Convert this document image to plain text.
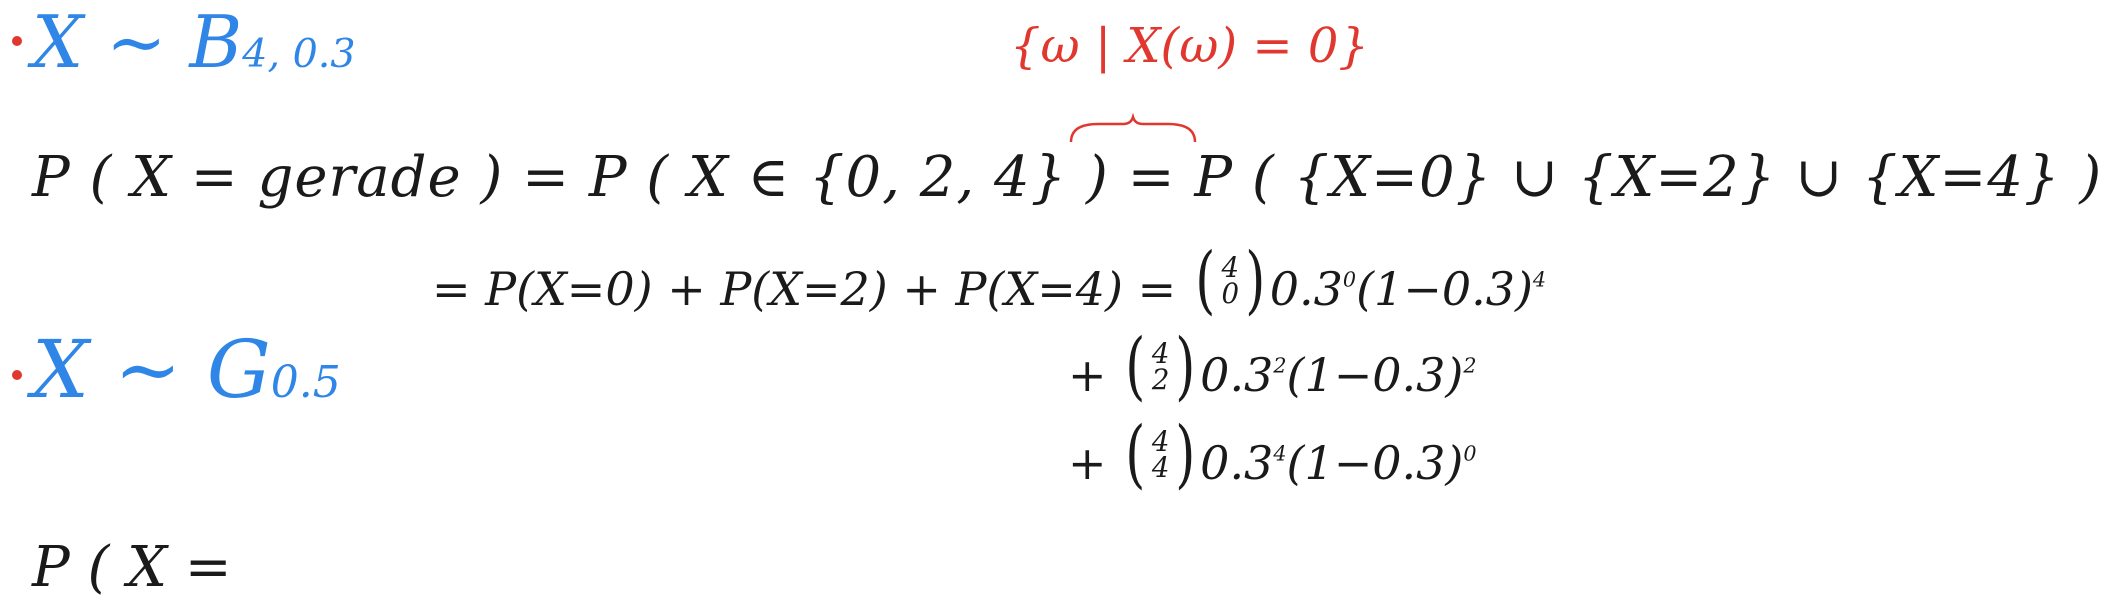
X ∼ B4, 0.3	{ω | X(ω) = 0}
P ( X = gerade ) = P ( X ∈ {0, 2, 4} ) = P ( {X=0} ∪ {X=2} ∪ {X=4} )
= P(X=0) + P(X=2) + P(X=4) = ( 4
0 ) $0.3^0(1-0.3)^4$
+ ( 4
2 ) $0.3^2(1-0.3)^2$
+ ( 4
4 ) $0.3^4(1-0.3)^0$
X ∼ G0.5
P ( X =
